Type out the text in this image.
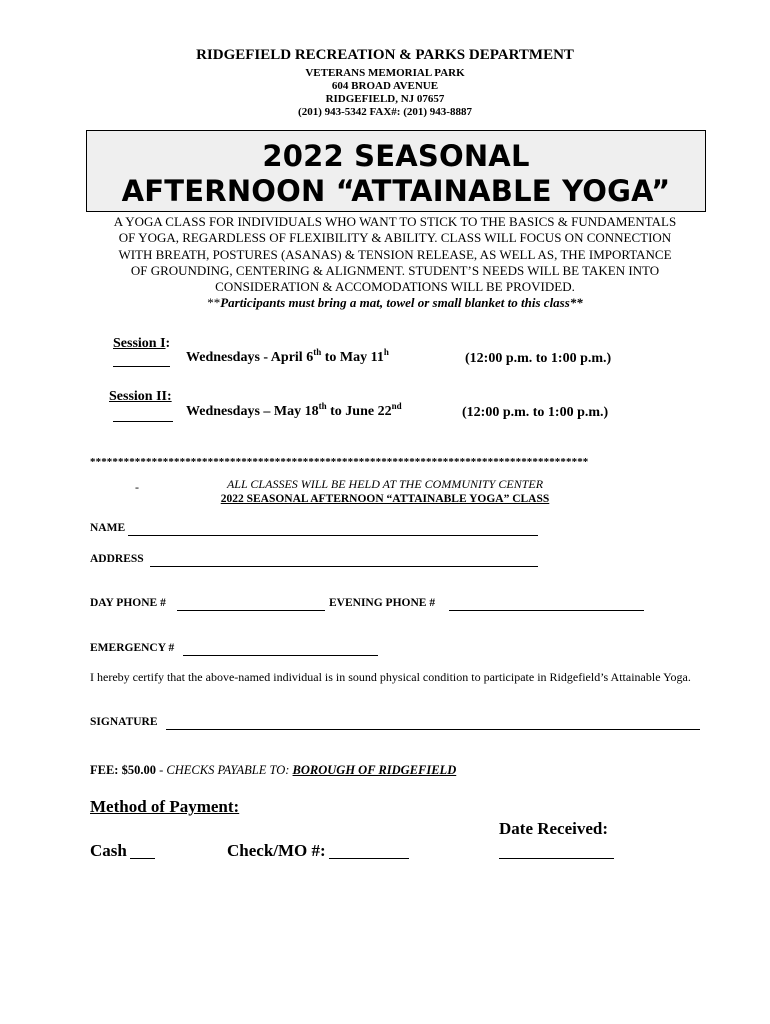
RIDGEFIELD RECREATION & PARKS DEPARTMENT
VETERANS MEMORIAL PARK
604 BROAD AVENUE
RIDGEFIELD, NJ 07657
(201) 943-5342 FAX#: (201) 943-8887
2022 SEASONAL
AFTERNOON “ATTAINABLE YOGA”
A YOGA CLASS FOR INDIVIDUALS WHO WANT TO STICK TO THE BASICS & FUNDAMENTALS
OF YOGA, REGARDLESS OF FLEXIBILITY & ABILITY. CLASS WILL FOCUS ON CONNECTION
WITH BREATH, POSTURES (ASANAS) & TENSION RELEASE, AS WELL AS, THE IMPORTANCE
OF GROUNDING, CENTERING & ALIGNMENT. STUDENT’S NEEDS WILL BE TAKEN INTO
CONSIDERATION & ACCOMODATIONS WILL BE PROVIDED.
**Participants must bring a mat, towel or small blanket to this class**
Session I:
Wednesdays - April 6th to May 11$^h$	(12:00 p.m. to 1:00 p.m.)
Session II:
Wednesdays – May 18th to June 22nd	(12:00 p.m. to 1:00 p.m.)
*****************************************************************************************
-	ALL CLASSES WILL BE HELD AT THE COMMUNITY CENTER
2022 SEASONAL AFTERNOON “ATTAINABLE YOGA” CLASS
NAME
ADDRESS
DAY PHONE #	EVENING PHONE #
EMERGENCY #
I hereby certify that the above-named individual is in sound physical condition to participate in Ridgefield’s Attainable Yoga.
SIGNATURE
FEE: $50.00 - CHECKS PAYABLE TO: BOROUGH OF RIDGEFIELD
Method of Payment:
Cash	Check/MO #:
Date Received:
